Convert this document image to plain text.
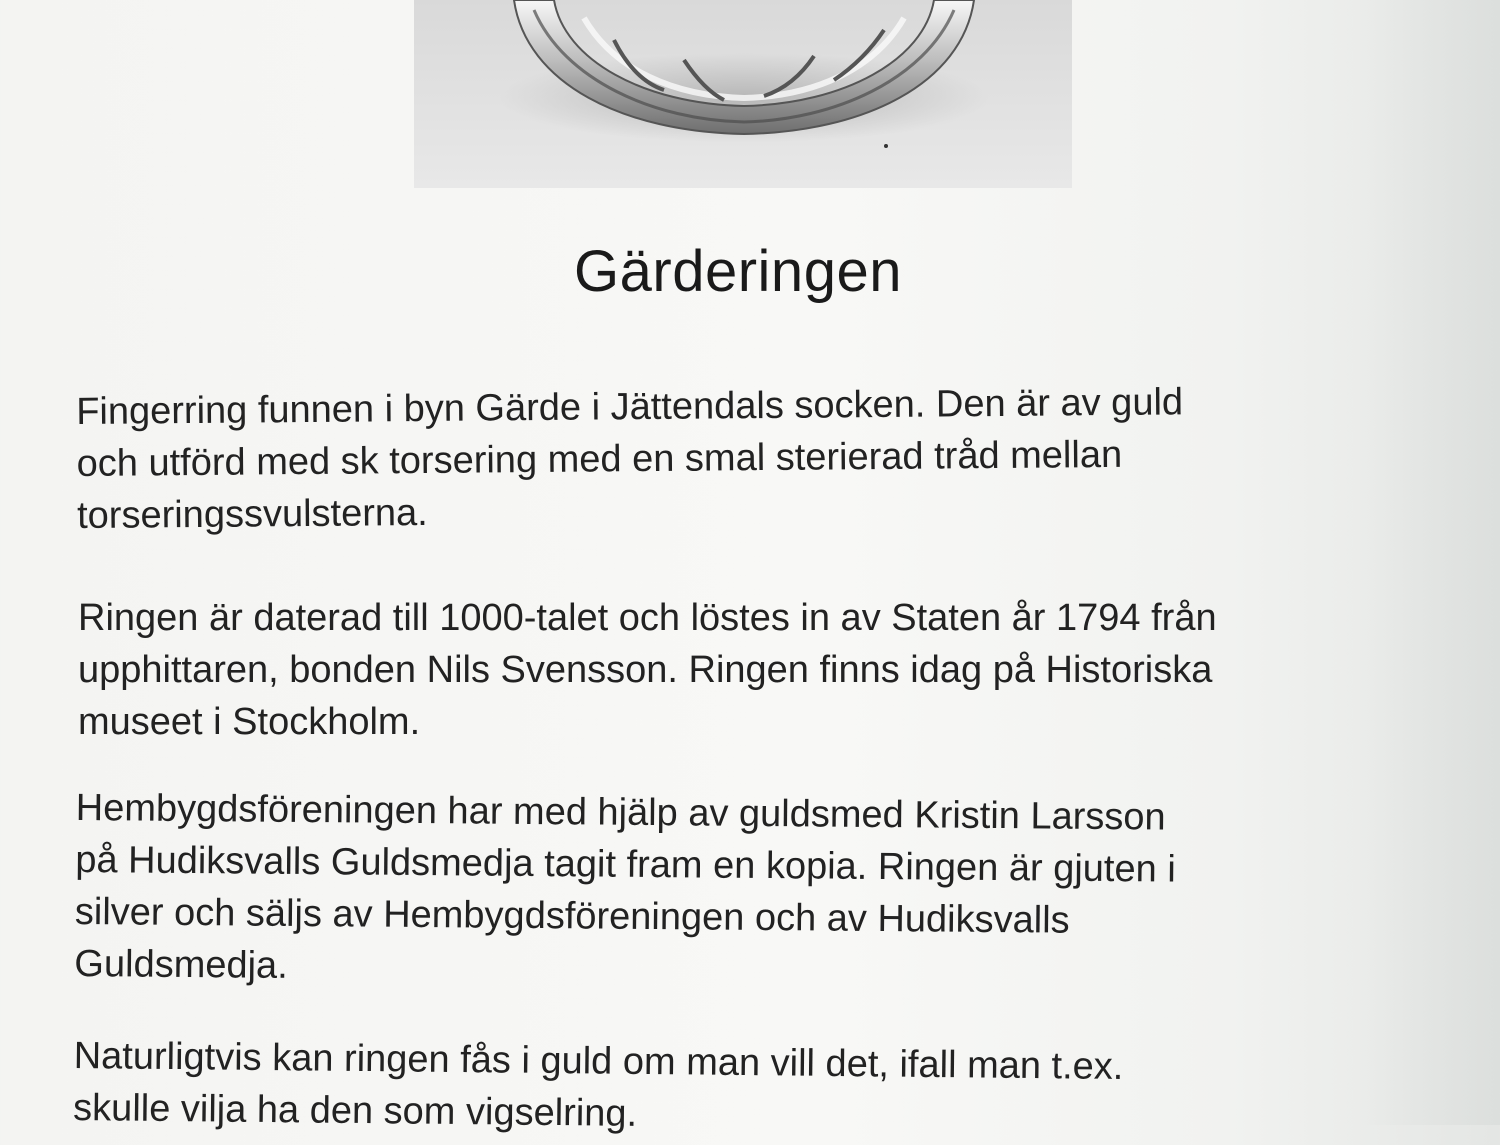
Gärderingen

Fingerring funnen i byn Gärde i Jättendals socken. Den är av guld
och utförd med sk torsering med en smal sterierad tråd mellan
torseringssvulsterna.

Ringen är daterad till 1000-talet och löstes in av Staten år 1794 från
upphittaren, bonden Nils Svensson. Ringen finns idag på Historiska
museet i Stockholm.

Hembygdsföreningen har med hjälp av guldsmed Kristin Larsson
på Hudiksvalls Guldsmedja tagit fram en kopia. Ringen är gjuten i
silver och säljs av Hembygdsföreningen och av Hudiksvalls
Guldsmedja.

Naturligtvis kan ringen fås i guld om man vill det, ifall man t.ex.
skulle vilja ha den som vigselring.
